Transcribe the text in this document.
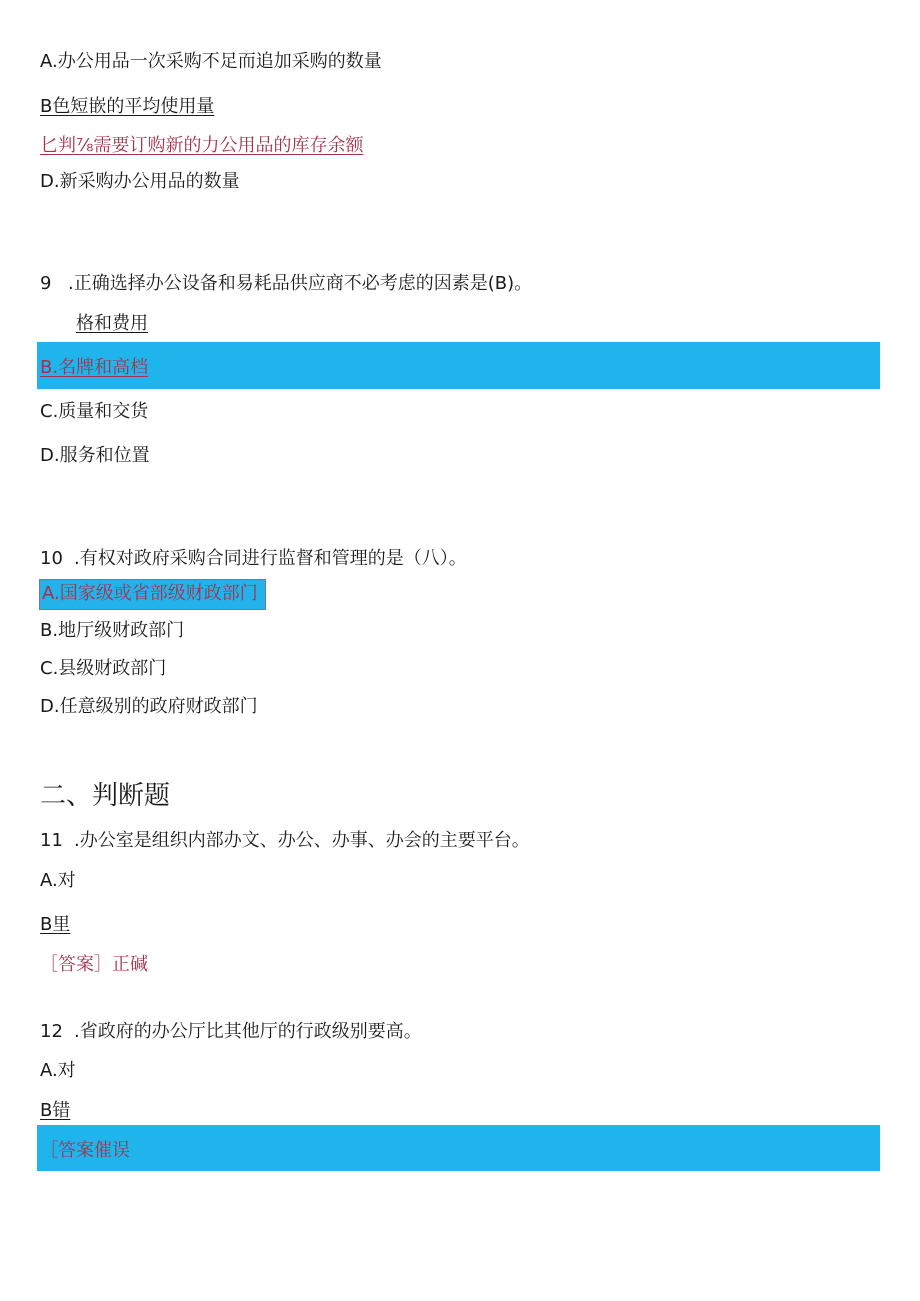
A.办公用品一次采购不足而追加采购的数量
B色短嵌的平均使用量
匕判⅞需要订购新的力公用品的库存余额
D.新采购办公用品的数量
9 .正确选择办公设备和易耗品供应商不必考虑的因素是(B)。
格和费用
B.名牌和高档
C.质量和交货
D.服务和位置
10 .有权对政府采购合同进行监督和管理的是（八）。
A.国家级或省部级财政部门
B.地厅级财政部门
C.县级财政部门
D.任意级别的政府财政部门
二、判断题
11 .办公室是组织内部办文、办公、办事、办会的主要平台。
A.对
B里
［答案］正碱
12 .省政府的办公厅比其他厅的行政级别要高。
A.对
B错
［答案催误
